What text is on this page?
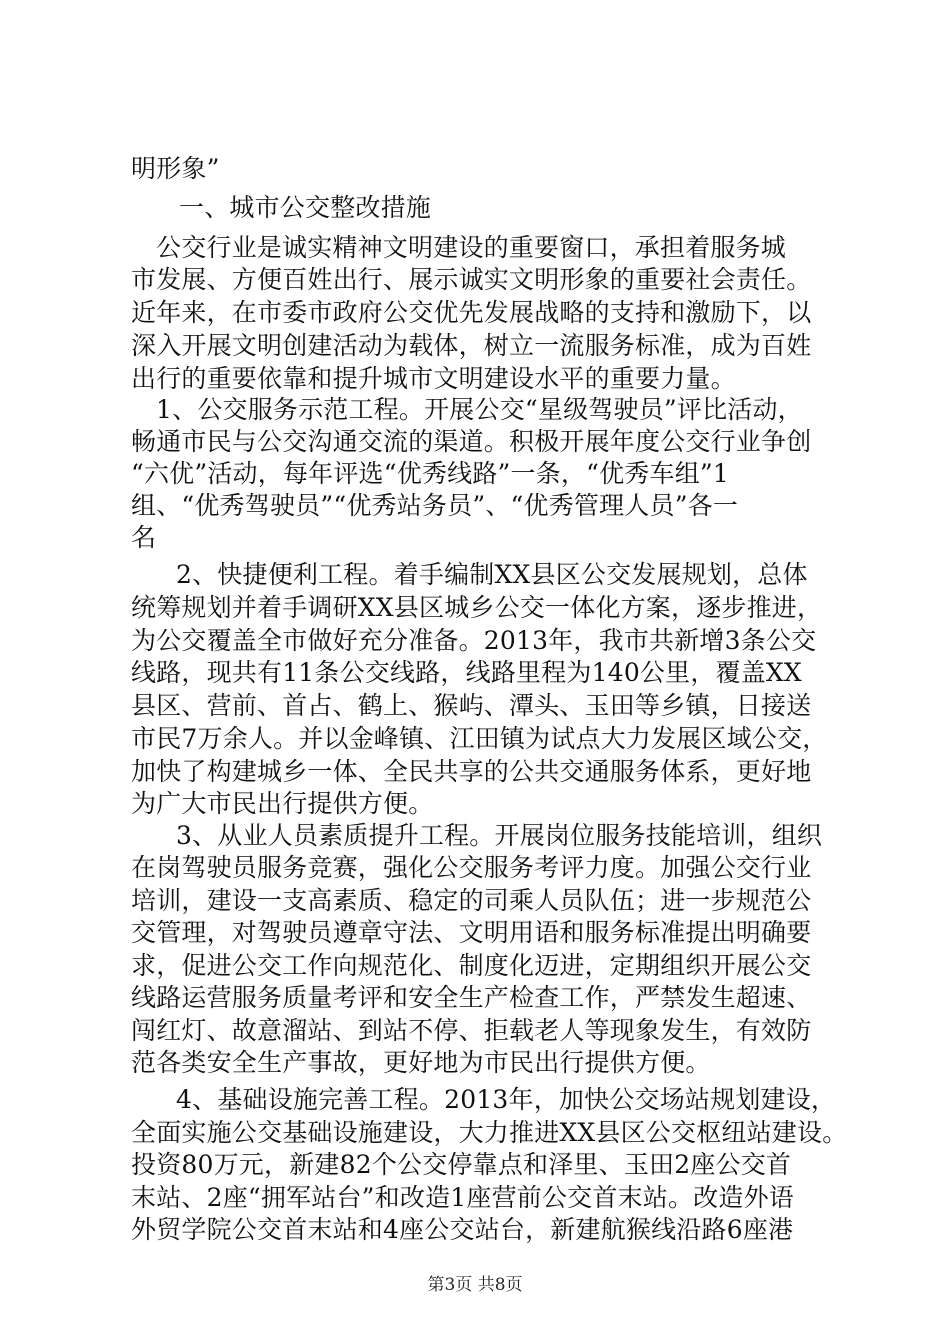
明形象”
一、城市公交整改措施
公交行业是诚实精神文明建设的重要窗口，承担着服务城
市发展、方便百姓出行、展示诚实文明形象的重要社会责任。
近年来，在市委市政府公交优先发展战略的支持和激励下，以
深入开展文明创建活动为载体，树立一流服务标准，成为百姓
出行的重要依靠和提升城市文明建设水平的重要力量。
1、公交服务示范工程。开展公交“星级驾驶员”评比活动，
畅通市民与公交沟通交流的渠道。积极开展年度公交行业争创
“六优”活动，每年评选“优秀线路”一条，“优秀车组”1
组、“优秀驾驶员”“优秀站务员”、“优秀管理人员”各一
名
2、快捷便利工程。着手编制XX县区公交发展规划，总体
统筹规划并着手调研XX县区城乡公交一体化方案，逐步推进，
为公交覆盖全市做好充分准备。2013年，我市共新增3条公交
线路，现共有11条公交线路，线路里程为140公里，覆盖XX
县区、营前、首占、鹤上、猴屿、潭头、玉田等乡镇，日接送
市民7万余人。并以金峰镇、江田镇为试点大力发展区域公交，
加快了构建城乡一体、全民共享的公共交通服务体系，更好地
为广大市民出行提供方便。
3、从业人员素质提升工程。开展岗位服务技能培训，组织
在岗驾驶员服务竞赛，强化公交服务考评力度。加强公交行业
培训，建设一支高素质、稳定的司乘人员队伍；进一步规范公
交管理，对驾驶员遵章守法、文明用语和服务标准提出明确要
求，促进公交工作向规范化、制度化迈进，定期组织开展公交
线路运营服务质量考评和安全生产检查工作，严禁发生超速、
闯红灯、故意溜站、到站不停、拒载老人等现象发生，有效防
范各类安全生产事故，更好地为市民出行提供方便。
4、基础设施完善工程。2013年，加快公交场站规划建设，
全面实施公交基础设施建设，大力推进XX县区公交枢纽站建设。
投资80万元，新建82个公交停靠点和泽里、玉田2座公交首
末站、2座“拥军站台”和改造1座营前公交首末站。改造外语
外贸学院公交首末站和4座公交站台，新建航猴线沿路6座港
第3页 共8页
